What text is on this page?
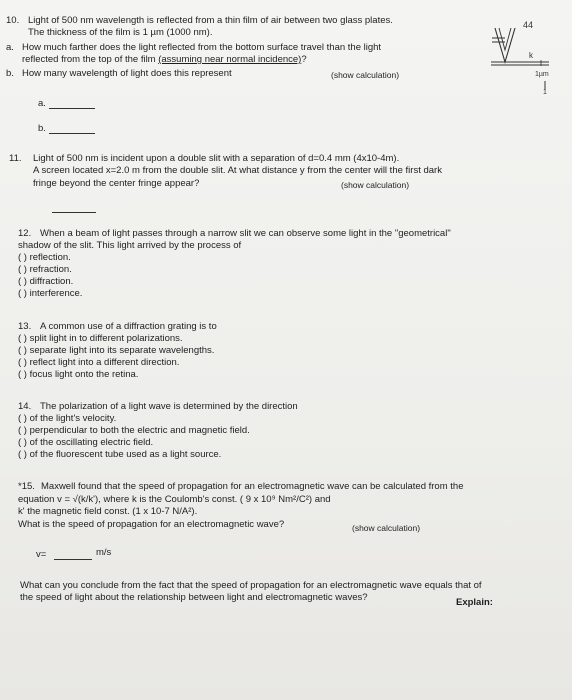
10. Light of 500 nm wavelength is reflected from a thin film of air between two glass plates.
The thickness of the film is 1 µm (1000 nm).
a. How much farther does the light reflected from the bottom surface travel than the light
reflected from the top of the film (assuming near normal incidence)?
b. How many wavelength of light does this represent	(show calculation)
a.
b.
44
k
1µm
1
11. Light of 500 nm is incident upon a double slit with a separation of d=0.4 mm (4x10-4m).
A screen located x=2.0 m from the double slit. At what distance y from the center will the first dark
fringe beyond the center fringe appear?	(show calculation)
12. When a beam of light passes through a narrow slit we can observe some light in the "geometrical"
shadow of the slit. This light arrived by the process of
( ) reflection.
( ) refraction.
( ) diffraction.
( ) interference.
13. A common use of a diffraction grating is to
( ) split light in to different polarizations.
( ) separate light into its separate wavelengths.
( ) reflect light into a different direction.
( ) focus light onto the retina.
14. The polarization of a light wave is determined by the direction
( ) of the light's velocity.
( ) perpendicular to both the electric and magnetic field.
( ) of the oscillating electric field.
( ) of the fluorescent tube used as a light source.
*15. Maxwell found that the speed of propagation for an electromagnetic wave can be calculated from the
equation v = √(k/k'), where k is the Coulomb's const. ( 9 x 10⁹ Nm²/C²) and
k' the magnetic field const. (1 x 10-7 N/A²).
What is the speed of propagation for an electromagnetic wave?	(show calculation)
v=	m/s
What can you conclude from the fact that the speed of propagation for an electromagnetic wave equals that of
the speed of light about the relationship between light and electromagnetic waves?	Explain:
